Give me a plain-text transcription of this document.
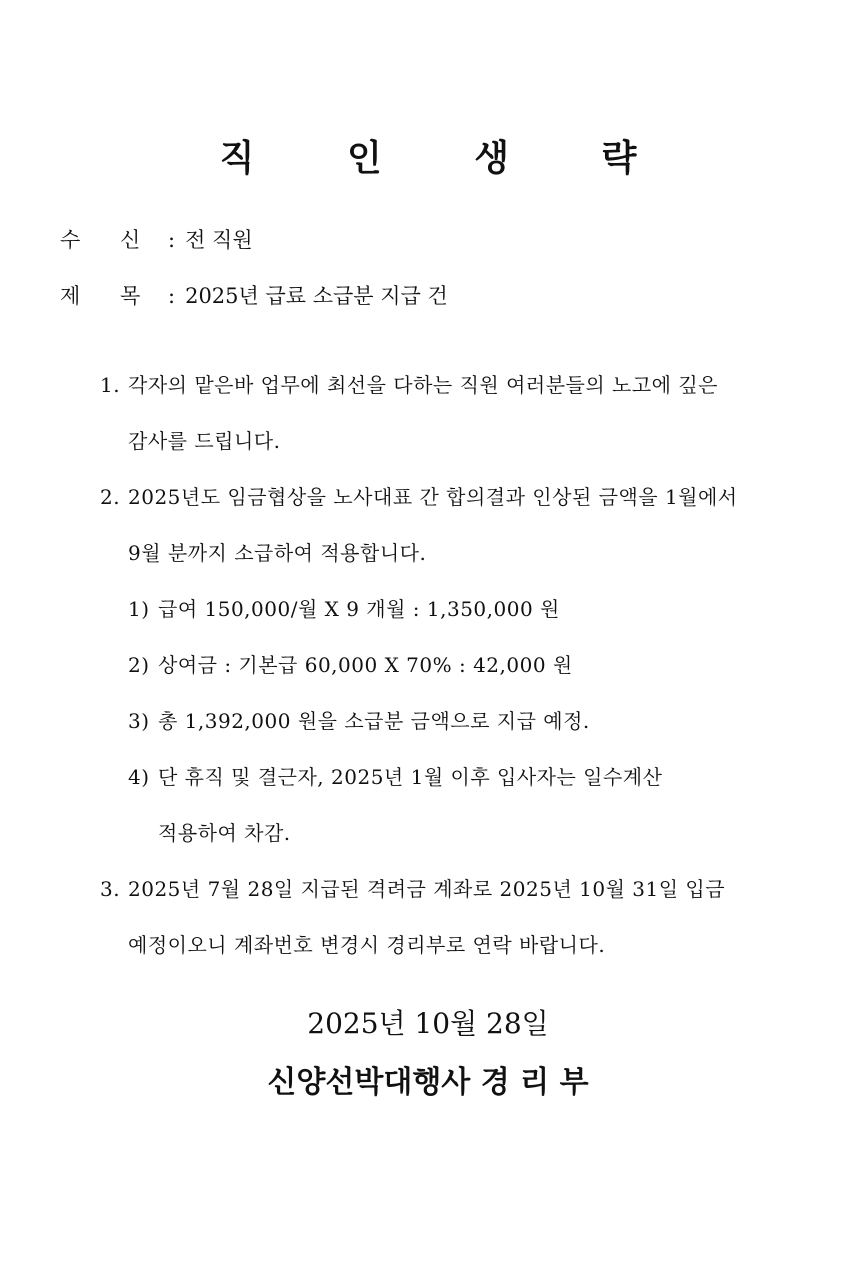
직 인 생 략
수 신 : 전 직원
제 목 : 2025년 급료 소급분 지급 건
1. 각자의 맡은바 업무에 최선을 다하는 직원 여러분들의 노고에 깊은
감사를 드립니다.
2. 2025년도 임금협상을 노사대표 간 합의결과 인상된 금액을 1월에서
9월 분까지 소급하여 적용합니다.
1) 급여 150,000/월 X 9 개월 : 1,350,000 원
2) 상여금 : 기본급 60,000 X 70% : 42,000 원
3) 총 1,392,000 원을 소급분 금액으로 지급 예정.
4) 단 휴직 및 결근자, 2025년 1월 이후 입사자는 일수계산
적용하여 차감.
3. 2025년 7월 28일 지급된 격려금 계좌로 2025년 10월 31일 입금
예정이오니 계좌번호 변경시 경리부로 연락 바랍니다.
2025년 10월 28일
신양선박대행사 경 리 부
